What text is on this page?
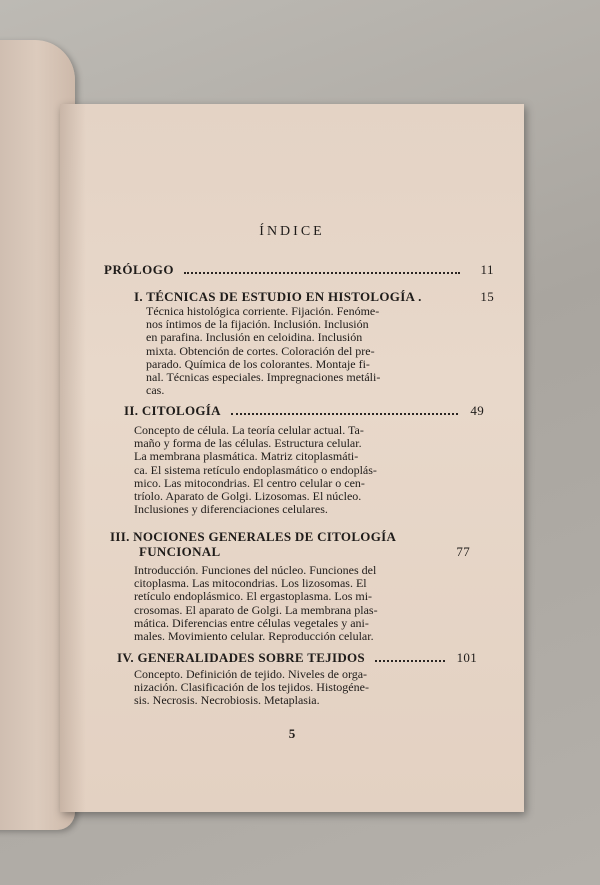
ÍNDICE
PRÓLOGO	11
I. TÉCNICAS DE ESTUDIO EN HISTOLOGÍA .	15
Técnica histológica corriente. Fijación. Fenóme-
nos íntimos de la fijación. Inclusión. Inclusión
en parafina. Inclusión en celoidina. Inclusión
mixta. Obtención de cortes. Coloración del pre-
parado. Química de los colorantes. Montaje fi-
nal. Técnicas especiales. Impregnaciones metáli-
cas.
II. CITOLOGÍA	49
Concepto de célula. La teoría celular actual. Ta-
maño y forma de las células. Estructura celular.
La membrana plasmática. Matriz citoplasmáti-
ca. El sistema retículo endoplasmático o endoplás-
mico. Las mitocondrias. El centro celular o cen-
tríolo. Aparato de Golgi. Lizosomas. El núcleo.
Inclusiones y diferenciaciones celulares.
III. NOCIONES GENERALES DE CITOLOGÍA
FUNCIONAL	77
Introducción. Funciones del núcleo. Funciones del
citoplasma. Las mitocondrias. Los lizosomas. El
retículo endoplásmico. El ergastoplasma. Los mi-
crosomas. El aparato de Golgi. La membrana plas-
mática. Diferencias entre células vegetales y ani-
males. Movimiento celular. Reproducción celular.
IV. GENERALIDADES SOBRE TEJIDOS	101
Concepto. Definición de tejido. Niveles de orga-
nización. Clasificación de los tejidos. Histogéne-
sis. Necrosis. Necrobiosis. Metaplasia.
5
